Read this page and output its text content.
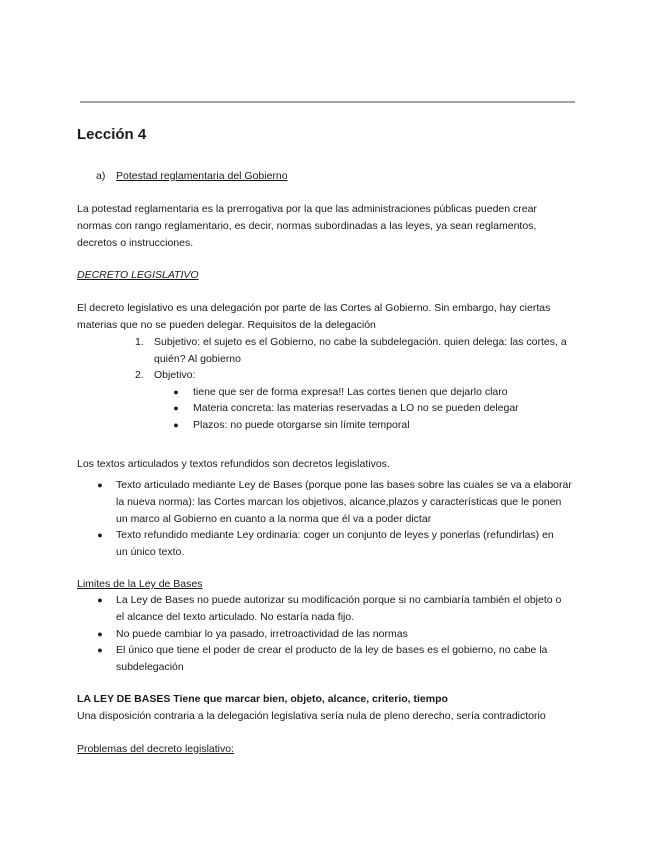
Lección 4
a) Potestad reglamentaria del Gobierno
La potestad reglamentaria es la prerrogativa por la que las administraciones públicas pueden crear
normas con rango reglamentario, es decir, normas subordinadas a las leyes, ya sean reglamentos,
decretos o instrucciones.
DECRETO LEGISLATIVO
El decreto legislativo es una delegación por parte de las Cortes al Gobierno. Sin embargo, hay ciertas
materias que no se pueden delegar. Requisitos de la delegación
1. Subjetivo: el sujeto es el Gobierno, no cabe la subdelegación. quien delega: las cortes, a
quién? Al gobierno
2. Objetivo:
● tiene que ser de forma expresa!! Las cortes tienen que dejarlo claro
● Materia concreta: las materias reservadas a LO no se pueden delegar
● Plazos: no puede otorgarse sin límite temporal
Los textos articulados y textos refundidos son decretos legislativos.
● Texto articulado mediante Ley de Bases (porque pone las bases sobre las cuales se va a elaborar
la nueva norma): las Cortes marcan los objetivos, alcance,plazos y características que le ponen
un marco al Gobierno en cuanto a la norma que él va a poder dictar
● Texto refundido mediante Ley ordinaria: coger un conjunto de leyes y ponerlas (refundirlas) en
un único texto.
Limites de la Ley de Bases
● La Ley de Bases no puede autorizar su modificación porque si no cambiaría también el objeto o
el alcance del texto articulado. No estaría nada fijo.
● No puede cambiar lo ya pasado, irretroactividad de las normas
● El único que tiene el poder de crear el producto de la ley de bases es el gobierno, no cabe la
subdelegación
LA LEY DE BASES Tiene que marcar bien, objeto, alcance, criterio, tiempo
Una disposición contraria a la delegación legislativa sería nula de pleno derecho, sería contradictorio
Problemas del decreto legislativo:
